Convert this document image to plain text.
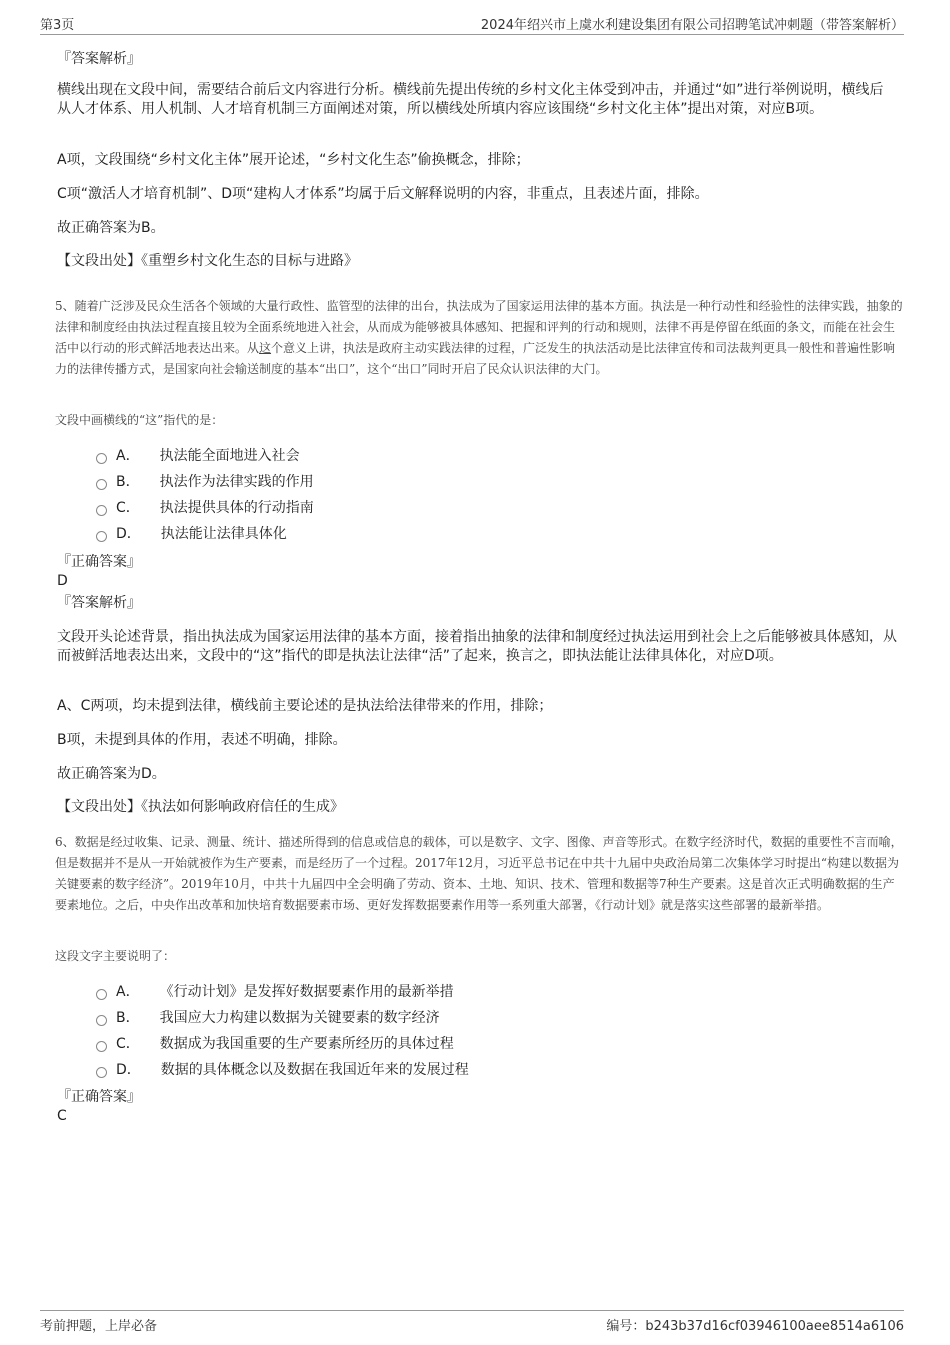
第3页	2024年绍兴市上虞水利建设集团有限公司招聘笔试冲刺题（带答案解析）
『答案解析』
横线出现在文段中间，需要结合前后文内容进行分析。横线前先提出传统的乡村文化主体受到冲击，并通过“如”进行举例说明，横线后从人才体系、用人机制、人才培育机制三方面阐述对策，所以横线处所填内容应该围绕“乡村文化主体”提出对策，对应B项。
A项，文段围绕“乡村文化主体”展开论述，“乡村文化生态”偷换概念，排除；
C项“激活人才培育机制”、D项“建构人才体系”均属于后文解释说明的内容，非重点，且表述片面，排除。
故正确答案为B。
【文段出处】《重塑乡村文化生态的目标与进路》
5、随着广泛涉及民众生活各个领域的大量行政性、监管型的法律的出台，执法成为了国家运用法律的基本方面。执法是一种行动性和经验性的法律实践，抽象的法律和制度经由执法过程直接且较为全面系统地进入社会，从而成为能够被具体感知、把握和评判的行动和规则，法律不再是停留在纸面的条文，而能在社会生活中以行动的形式鲜活地表达出来。从这个意义上讲，执法是政府主动实践法律的过程，广泛发生的执法活动是比法律宣传和司法裁判更具一般性和普遍性影响力的法律传播方式，是国家向社会输送制度的基本“出口”，这个“出口”同时开启了民众认识法律的大门。
文段中画横线的“这”指代的是：
A． 执法能全面地进入社会
B． 执法作为法律实践的作用
C． 执法提供具体的行动指南
D． 执法能让法律具体化
『正确答案』
D
『答案解析』
文段开头论述背景，指出执法成为国家运用法律的基本方面，接着指出抽象的法律和制度经过执法运用到社会上之后能够被具体感知，从而被鲜活地表达出来，文段中的“这”指代的即是执法让法律“活”了起来，换言之，即执法能让法律具体化，对应D项。
A、C两项，均未提到法律，横线前主要论述的是执法给法律带来的作用，排除；
B项，未提到具体的作用，表述不明确，排除。
故正确答案为D。
【文段出处】《执法如何影响政府信任的生成》
6、数据是经过收集、记录、测量、统计、描述所得到的信息或信息的载体，可以是数字、文字、图像、声音等形式。在数字经济时代，数据的重要性不言而喻，但是数据并不是从一开始就被作为生产要素，而是经历了一个过程。2017年12月，习近平总书记在中共十九届中央政治局第二次集体学习时提出“构建以数据为关键要素的数字经济”。2019年10月，中共十九届四中全会明确了劳动、资本、土地、知识、技术、管理和数据等7种生产要素。这是首次正式明确数据的生产要素地位。之后，中央作出改革和加快培育数据要素市场、更好发挥数据要素作用等一系列重大部署，《行动计划》就是落实这些部署的最新举措。
这段文字主要说明了：
A． 《行动计划》是发挥好数据要素作用的最新举措
B． 我国应大力构建以数据为关键要素的数字经济
C． 数据成为我国重要的生产要素所经历的具体过程
D． 数据的具体概念以及数据在我国近年来的发展过程
『正确答案』
C
考前押题，上岸必备	编号：b243b37d16cf03946100aee8514a6106
